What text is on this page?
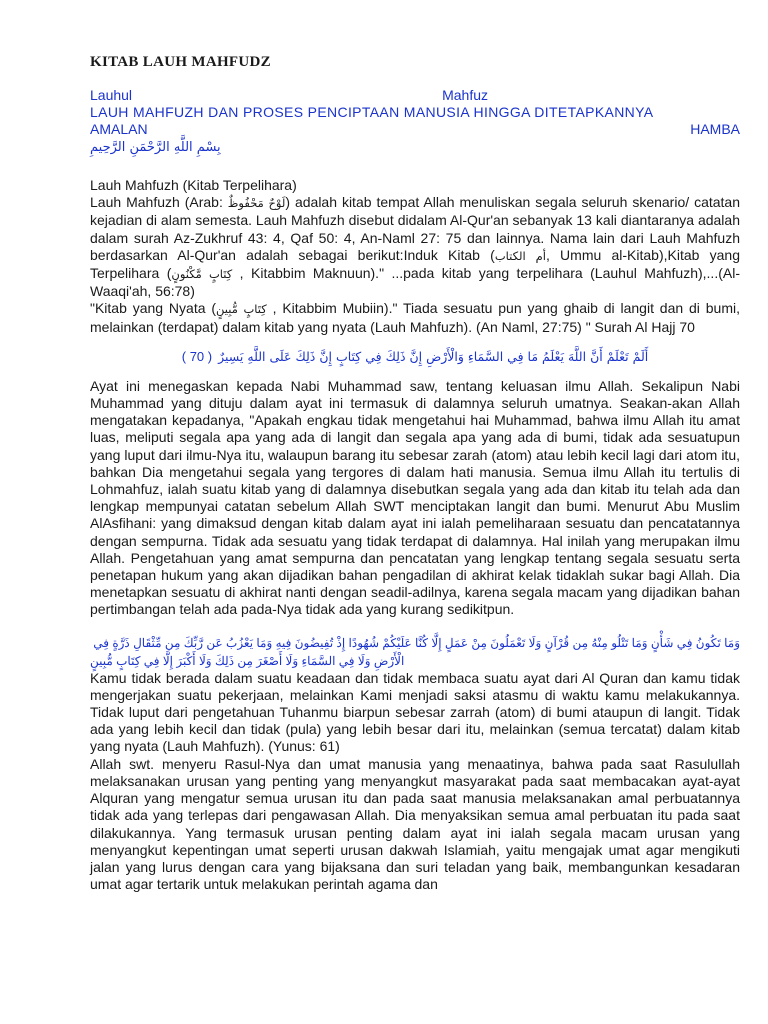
KITAB LAUH MAHFUDZ
Lauhul	Mahfuz
LAUH MAHFUZH DAN PROSES PENCIPTAAN MANUSIA HINGGA DITETAPKANNYA
AMALAN	HAMBA
بِسْمِ اللَّهِ الرَّحْمَنِ الرَّحِيمِ

Lauh Mahfuzh (Kitab Terpelihara)

Lauh Mahfuzh (Arab: لَوْحٌ مَحْفُوظٌ) adalah kitab tempat Allah menuliskan segala seluruh skenario/ catatan kejadian di alam semesta. Lauh Mahfuzh disebut didalam Al-Qur'an sebanyak 13 kali diantaranya adalah dalam surah Az-Zukhruf 43: 4, Qaf 50: 4, An-Naml 27: 75 dan lainnya. Nama lain dari Lauh Mahfuzh berdasarkan Al-Qur'an adalah sebagai berikut:Induk Kitab (أم الكتاب, Ummu al-Kitab),Kitab yang Terpelihara (كِتَابٍ مَّكْنُونٍ , Kitabbim Maknuun)." ...pada kitab yang terpelihara (Lauhul Mahfuzh),...(Al-Waaqi'ah, 56:78)

"Kitab yang Nyata (كِتَابٍ مُّبِينٍ , Kitabbim Mubiin)." Tiada sesuatu pun yang ghaib di langit dan di bumi, melainkan (terdapat) dalam kitab yang nyata (Lauh Mahfuzh). (An Naml, 27:75) " Surah Al Hajj 70

أَلَمْ تَعْلَمْ أَنَّ اللَّهَ يَعْلَمُ مَا فِي السَّمَاءِ وَالْأَرْضِ إِنَّ ذَلِكَ فِي كِتَابٍ إِنَّ ذَلِكَ عَلَى اللَّهِ يَسِيرٌ
( 70 )

Ayat ini menegaskan kepada Nabi Muhammad saw, tentang keluasan ilmu Allah. Sekalipun Nabi Muhammad yang dituju dalam ayat ini termasuk di dalamnya seluruh umatnya. Seakan-akan Allah mengatakan kepadanya, "Apakah engkau tidak mengetahui hai Muhammad, bahwa ilmu Allah itu amat luas, meliputi segala apa yang ada di langit dan segala apa yang ada di bumi, tidak ada sesuatupun yang luput dari ilmu-Nya itu, walaupun barang itu sebesar zarah (atom) atau lebih kecil lagi dari atom itu, bahkan Dia mengetahui segala yang tergores di dalam hati manusia. Semua ilmu Allah itu tertulis di Lohmahfuz, ialah suatu kitab yang di dalamnya disebutkan segala yang ada dan kitab itu telah ada dan lengkap mempunyai catatan sebelum Allah SWT menciptakan langit dan bumi. Menurut Abu Muslim AlAsfihani: yang dimaksud dengan kitab dalam ayat ini ialah pemeliharaan sesuatu dan pencatatannya dengan sempurna. Tidak ada sesuatu yang tidak terdapat di dalamnya. Hal inilah yang merupakan ilmu Allah. Pengetahuan yang amat sempurna dan pencatatan yang lengkap tentang segala sesuatu serta penetapan hukum yang akan dijadikan bahan pengadilan di akhirat kelak tidaklah sukar bagi Allah. Dia menetapkan sesuatu di akhirat nanti dengan seadil-adilnya, karena segala macam yang dijadikan bahan pertimbangan telah ada pada-Nya tidak ada yang kurang sedikitpun.

وَمَا تَكُونُ فِي شَأْنٍ وَمَا تَتْلُو مِنْهُ مِن قُرْآنٍ وَلَا تَعْمَلُونَ مِنْ عَمَلٍ إِلَّا كُنَّا عَلَيْكُمْ شُهُودًا إِذْ تُفِيضُونَ فِيهِ وَمَا يَعْزُبُ عَن رَّبِّكَ مِن مِّثْقَالِ ذَرَّةٍ فِي
الْأَرْضِ وَلَا فِي السَّمَاءِ وَلَا أَصْغَرَ مِن ذَلِكَ وَلَا أَكْبَرَ إِلَّا فِي كِتَابٍ مُّبِينٍ

Kamu tidak berada dalam suatu keadaan dan tidak membaca suatu ayat dari Al Quran dan kamu tidak mengerjakan suatu pekerjaan, melainkan Kami menjadi saksi atasmu di waktu kamu melakukannya. Tidak luput dari pengetahuan Tuhanmu biarpun sebesar zarrah (atom) di bumi ataupun di langit. Tidak ada yang lebih kecil dan tidak (pula) yang lebih besar dari itu, melainkan (semua tercatat) dalam kitab yang nyata (Lauh Mahfuzh). (Yunus: 61)

Allah swt. menyeru Rasul-Nya dan umat manusia yang menaatinya, bahwa pada saat Rasulullah melaksanakan urusan yang penting yang menyangkut masyarakat pada saat membacakan ayat-ayat Alquran yang mengatur semua urusan itu dan pada saat manusia melaksanakan amal perbuatannya tidak ada yang terlepas dari pengawasan Allah. Dia menyaksikan semua amal perbuatan itu pada saat dilakukannya. Yang termasuk urusan penting dalam ayat ini ialah segala macam urusan yang menyangkut kepentingan umat seperti urusan dakwah Islamiah, yaitu mengajak umat agar mengikuti jalan yang lurus dengan cara yang bijaksana dan suri teladan yang baik, membangunkan kesadaran umat agar tertarik untuk melakukan perintah agama dan
